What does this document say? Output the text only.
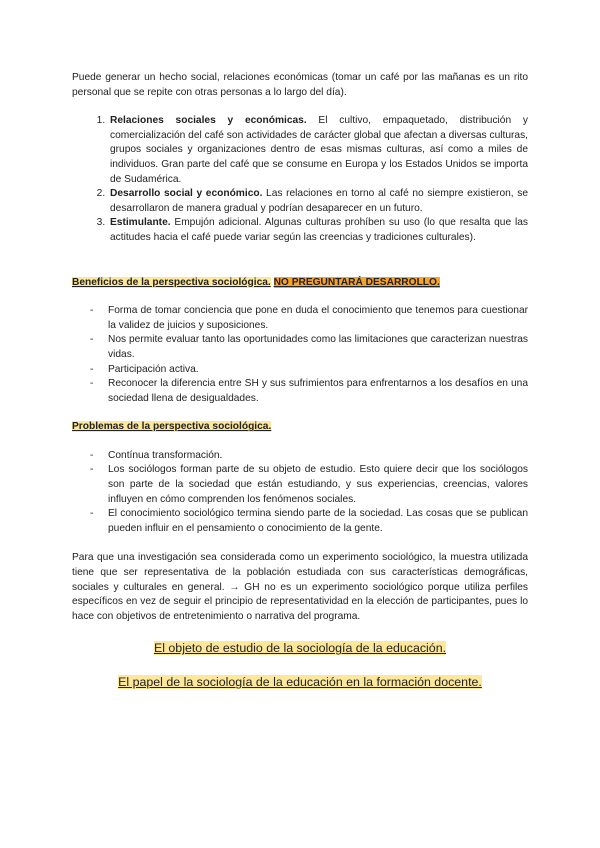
Puede generar un hecho social, relaciones económicas (tomar un café por las mañanas es un rito personal que se repite con otras personas a lo largo del día).

1. Relaciones sociales y económicas. El cultivo, empaquetado, distribución y comercialización del café son actividades de carácter global que afectan a diversas culturas, grupos sociales y organizaciones dentro de esas mismas culturas, así como a miles de individuos. Gran parte del café que se consume en Europa y los Estados Unidos se importa de Sudamérica.
2. Desarrollo social y económico. Las relaciones en torno al café no siempre existieron, se desarrollaron de manera gradual y podrían desaparecer en un futuro.
3. Estimulante. Empujón adicional. Algunas culturas prohíben su uso (lo que resalta que las actitudes hacia el café puede variar según las creencias y tradiciones culturales).

Beneficios de la perspectiva sociológica. NO PREGUNTARÁ DESARROLLO.

- Forma de tomar conciencia que pone en duda el conocimiento que tenemos para cuestionar la validez de juicios y suposiciones.
- Nos permite evaluar tanto las oportunidades como las limitaciones que caracterizan nuestras vidas.
- Participación activa.
- Reconocer la diferencia entre SH y sus sufrimientos para enfrentarnos a los desafíos en una sociedad llena de desigualdades.

Problemas de la perspectiva sociológica.

- Contínua transformación.
- Los sociólogos forman parte de su objeto de estudio. Esto quiere decir que los sociólogos son parte de la sociedad que están estudiando, y sus experiencias, creencias, valores influyen en cómo comprenden los fenómenos sociales.
- El conocimiento sociológico termina siendo parte de la sociedad. Las cosas que se publican pueden influir en el pensamiento o conocimiento de la gente.

Para que una investigación sea considerada como un experimento sociológico, la muestra utilizada tiene que ser representativa de la población estudiada con sus características demográficas, sociales y culturales en general. → GH no es un experimento sociológico porque utiliza perfiles específicos en vez de seguir el principio de representatividad en la elección de participantes, pues lo hace con objetivos de entretenimiento o narrativa del programa.

El objeto de estudio de la sociología de la educación.

El papel de la sociología de la educación en la formación docente.
